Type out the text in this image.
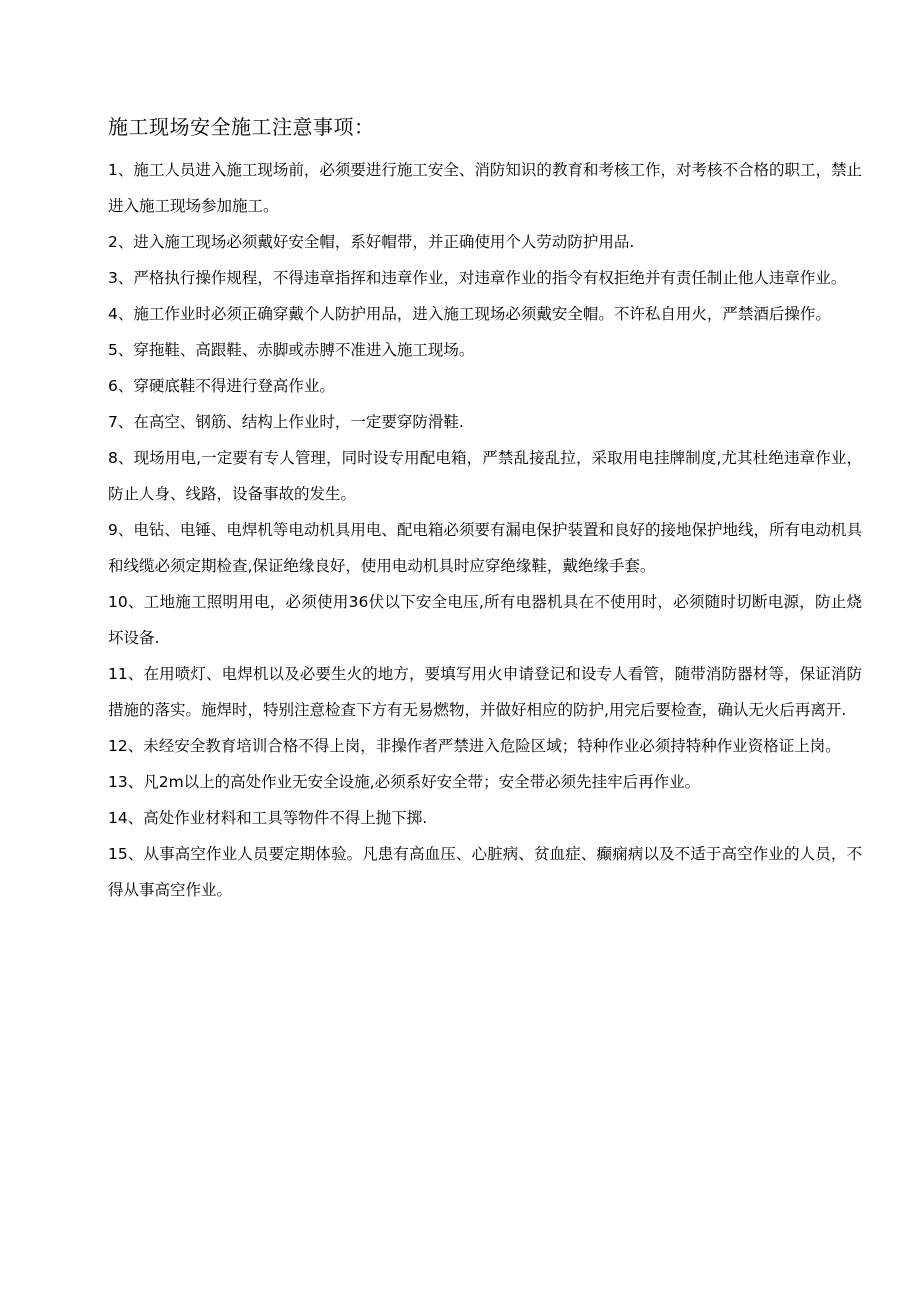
施工现场安全施工注意事项：
1、施工人员进入施工现场前，必须要进行施工安全、消防知识的教育和考核工作，对考核不合格的职工，禁止进入施工现场参加施工。
2、进入施工现场必须戴好安全帽，系好帽带，并正确使用个人劳动防护用品.
3、严格执行操作规程，不得违章指挥和违章作业，对违章作业的指令有权拒绝并有责任制止他人违章作业。
4、施工作业时必须正确穿戴个人防护用品，进入施工现场必须戴安全帽。不许私自用火，严禁酒后操作。
5、穿拖鞋、高跟鞋、赤脚或赤膊不准进入施工现场。
6、穿硬底鞋不得进行登高作业。
7、在高空、钢筋、结构上作业时，一定要穿防滑鞋.
8、现场用电,一定要有专人管理，同时设专用配电箱，严禁乱接乱拉，采取用电挂牌制度,尤其杜绝违章作业，防止人身、线路，设备事故的发生。
9、电钻、电锤、电焊机等电动机具用电、配电箱必须要有漏电保护装置和良好的接地保护地线，所有电动机具和线缆必须定期检查,保证绝缘良好，使用电动机具时应穿绝缘鞋，戴绝缘手套。
10、工地施工照明用电，必须使用36伏以下安全电压,所有电器机具在不使用时，必须随时切断电源，防止烧坏设备.
11、在用喷灯、电焊机以及必要生火的地方，要填写用火申请登记和设专人看管，随带消防器材等，保证消防措施的落实。施焊时，特别注意检查下方有无易燃物，并做好相应的防护,用完后要检查，确认无火后再离开.
12、未经安全教育培训合格不得上岗，非操作者严禁进入危险区域；特种作业必须持特种作业资格证上岗。
13、凡2m以上的高处作业无安全设施,必须系好安全带；安全带必须先挂牢后再作业。
14、高处作业材料和工具等物件不得上抛下掷.
15、从事高空作业人员要定期体验。凡患有高血压、心脏病、贫血症、癫痫病以及不适于高空作业的人员，不得从事高空作业。
